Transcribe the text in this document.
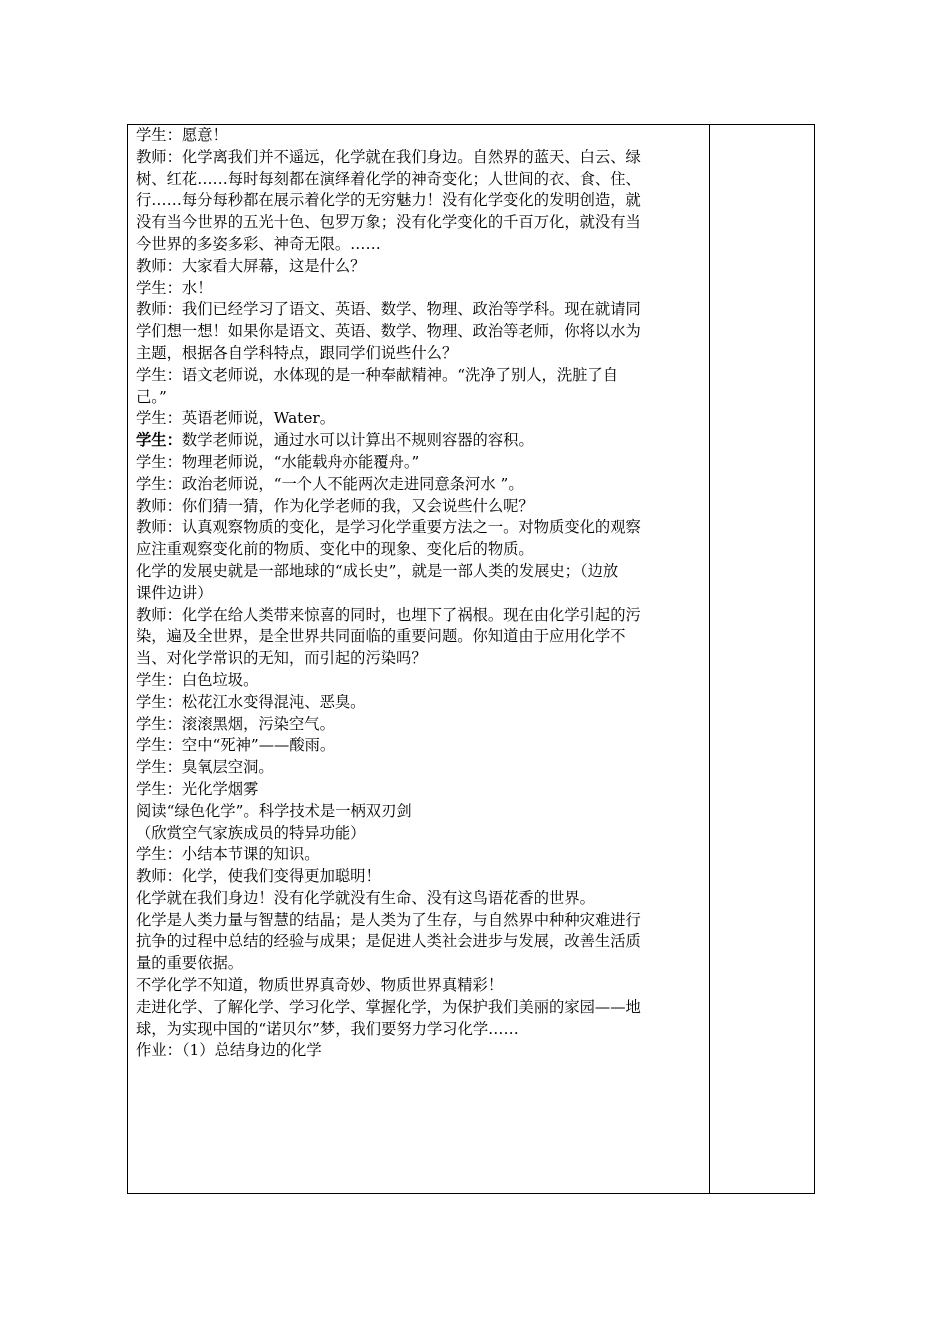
学生：愿意！
教师：化学离我们并不遥远，化学就在我们身边。自然界的蓝天、白云、绿
树、红花……每时每刻都在演绎着化学的神奇变化；人世间的衣、食、住、
行……每分每秒都在展示着化学的无穷魅力！没有化学变化的发明创造，就
没有当今世界的五光十色、包罗万象；没有化学变化的千百万化，就没有当
今世界的多姿多彩、神奇无限。……
教师：大家看大屏幕，这是什么？
学生：水！
教师：我们已经学习了语文、英语、数学、物理、政治等学科。现在就请同
学们想一想！如果你是语文、英语、数学、物理、政治等老师，你将以水为
主题，根据各自学科特点，跟同学们说些什么？
学生：语文老师说，水体现的是一种奉献精神。“洗净了别人，洗脏了自
己。”
学生：英语老师说，Water。
学生：数学老师说，通过水可以计算出不规则容器的容积。
学生：物理老师说，“水能载舟亦能覆舟。”
学生：政治老师说，“一个人不能两次走进同意条河水 ”。
教师：你们猜一猜，作为化学老师的我，又会说些什么呢？
教师：认真观察物质的变化，是学习化学重要方法之一。对物质变化的观察
应注重观察变化前的物质、变化中的现象、变化后的物质。
化学的发展史就是一部地球的“成长史”，就是一部人类的发展史；（边放
课件边讲）
教师：化学在给人类带来惊喜的同时，也埋下了祸根。现在由化学引起的污
染，遍及全世界，是全世界共同面临的重要问题。你知道由于应用化学不
当、对化学常识的无知，而引起的污染吗？
学生：白色垃圾。
学生：松花江水变得混沌、恶臭。
学生：滚滚黑烟，污染空气。
学生：空中“死神”——酸雨。
学生：臭氧层空洞。
学生：光化学烟雾
阅读“绿色化学”。科学技术是一柄双刃剑
（欣赏空气家族成员的特异功能）
学生：小结本节课的知识。
教师：化学，使我们变得更加聪明！
化学就在我们身边！没有化学就没有生命、没有这鸟语花香的世界。
化学是人类力量与智慧的结晶；是人类为了生存，与自然界中种种灾难进行
抗争的过程中总结的经验与成果；是促进人类社会进步与发展，改善生活质
量的重要依据。
不学化学不知道，物质世界真奇妙、物质世界真精彩！
走进化学、了解化学、学习化学、掌握化学，为保护我们美丽的家园——地
球，为实现中国的“诺贝尔”梦，我们要努力学习化学……
作业：（1）总结身边的化学
